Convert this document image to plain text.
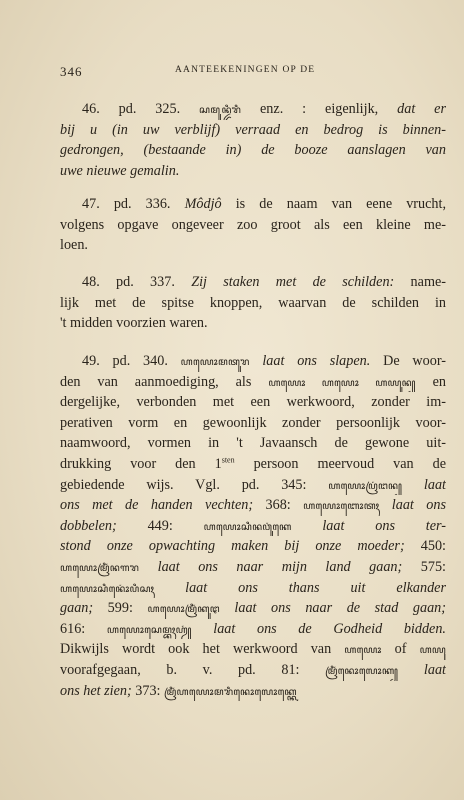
346	AANTEEKENINGEN OP DE
46. pd. 325. ꦱꦩꦸꦤ꧀ꦢꦶꦫꦶ enz. : eigenlijk, dat er
bij u (in uw verblijf) verraad en bedrog is binnen-
gedrongen, (bestaande in) de booze aanslagen van
uwe nieuwe gemalin.
47. pd. 336. Môdjô is de naam van eene vrucht,
volgens opgave ongeveer zoo groot als een kleine me-
loen.
48. pd. 337. Zij staken met de schilden: name-
lijk met de spitse knoppen, waarvan de schilden in
't midden voorzien waren.
49. pd. 340. ꦲꦪꦺꦴꦩꦠꦸꦫ laat ons slapen. De woor-
den van aanmoediging, als ꦲꦪꦺꦴ ꦲꦪꦺꦴ ꦲꦪꦸꦤ꧀ en
dergelijke, verbonden met een werkwoord, zonder im-
perativen vorm en gewoonlijk zonder persoonlijk voor-
naamwoord, vormen in 't Javaansch de gewone uit-
drukking voor den $1^{sten}$ persoon meervoud van de
gebiedende wijs. Vgl. pd. 345: ꦲꦪꦺꦴꦥꦿꦁꦔꦤ꧀ laat
ons met de handen vechten; 368: ꦲꦪꦺꦴꦧꦺꦴꦠꦃ laat ons
dobbelen; 449: ꦲꦪꦺꦴꦱꦶꦤꦮꦸꦁꦏꦺ laat ons ter-
stond onze opwachting maken bij onze moeder; 450:
ꦲꦪꦺꦴꦩꦿꦶꦁꦤꦒꦫ laat ons naar mijn land gaan; 575:
ꦲꦪꦺꦴꦱꦶꦤꦺꦴꦁꦥꦶꦱꦃ laat ons thans uit elkander
gaan; 599: ꦲꦪꦺꦴꦩꦿꦶꦁꦏꦸꦛ laat ons naar de stad gaan;
616: ꦲꦪꦺꦴꦱꦺꦩ꧀ꦧꦃꦲꦾꦁ laat ons de Godheid bidden.
Dikwijls wordt ook het werkwoord van ꦲꦪꦺꦴ of ꦲꦪꦸ
voorafgegaan, b. v. pd. 81: ꦩꦿꦶꦁꦤꦺꦴꦭꦺꦴꦏ꧀ laat
ons het zien; 373: ꦩꦿꦶꦁꦲꦪꦺꦴꦩꦫꦶꦤꦺꦴꦭꦺꦴꦏ꧀ꦏꦺ
